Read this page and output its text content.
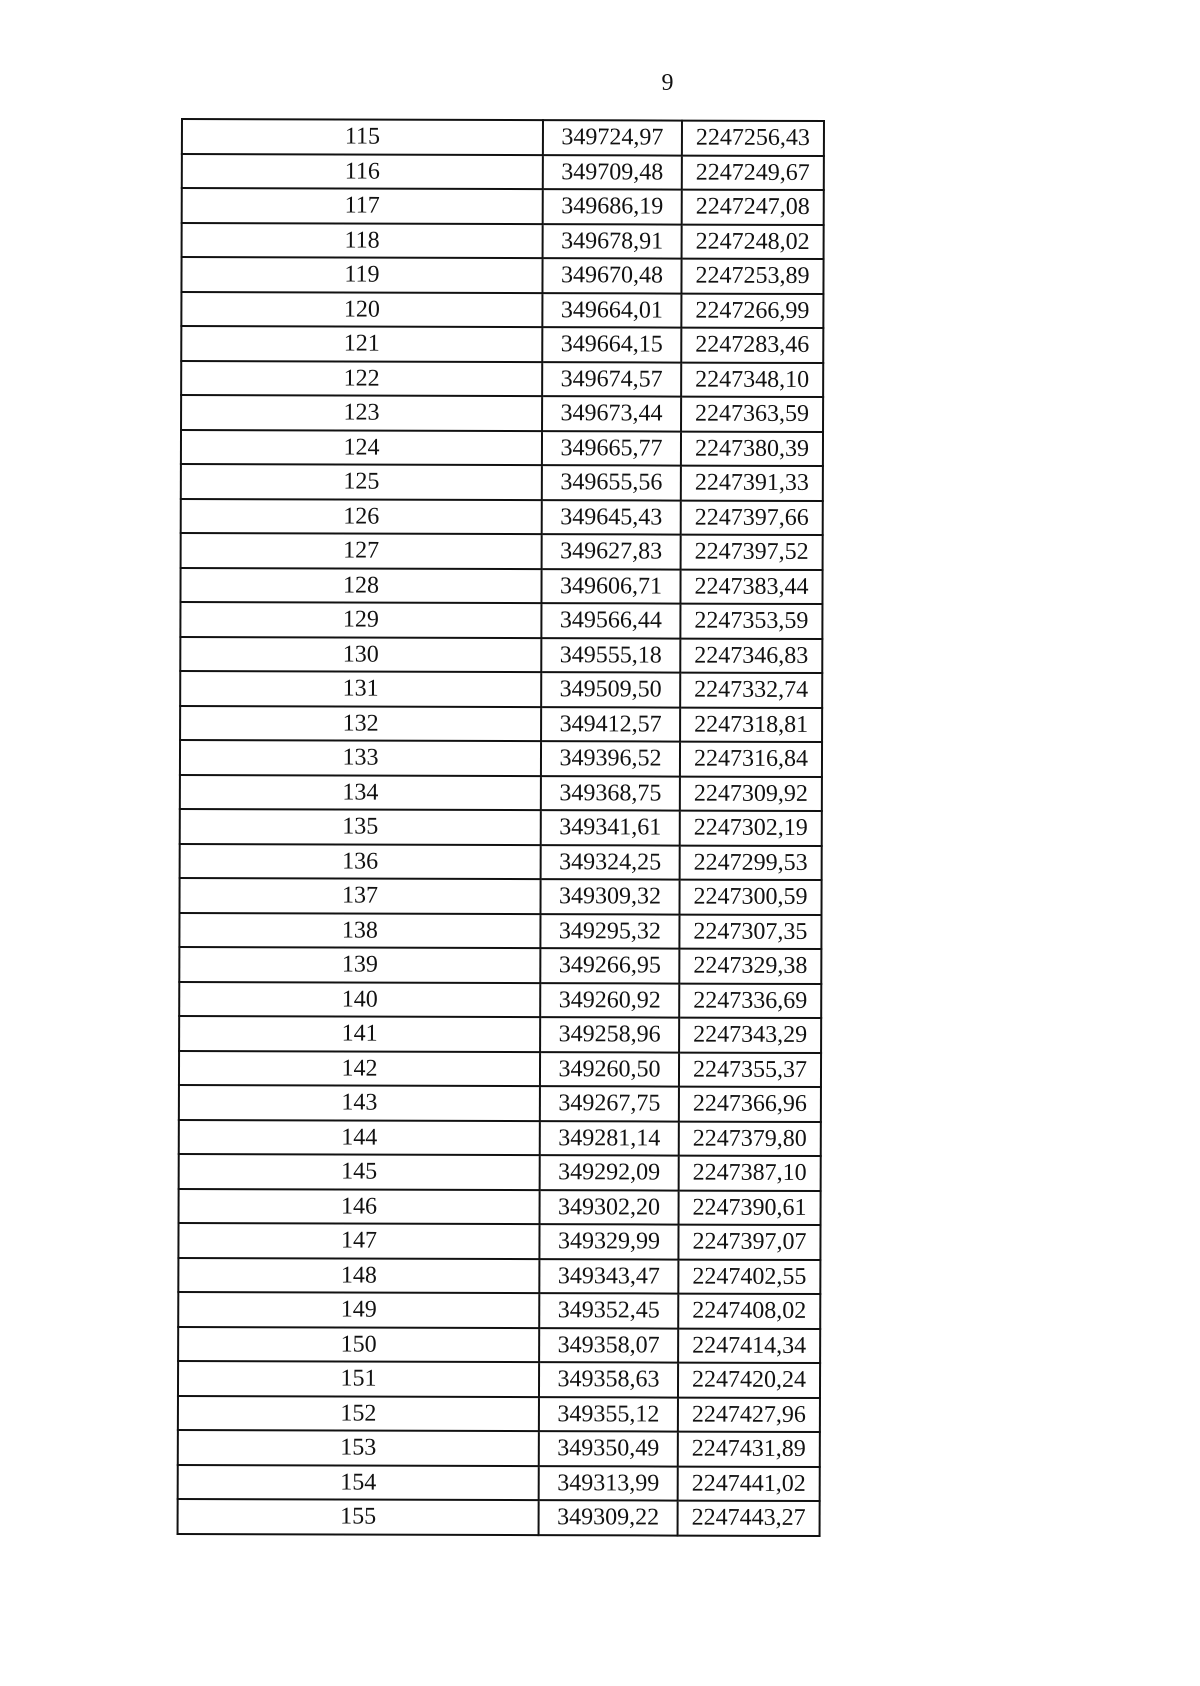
9
115	349724,97	2247256,43
116	349709,48	2247249,67
117	349686,19	2247247,08
118	349678,91	2247248,02
119	349670,48	2247253,89
120	349664,01	2247266,99
121	349664,15	2247283,46
122	349674,57	2247348,10
123	349673,44	2247363,59
124	349665,77	2247380,39
125	349655,56	2247391,33
126	349645,43	2247397,66
127	349627,83	2247397,52
128	349606,71	2247383,44
129	349566,44	2247353,59
130	349555,18	2247346,83
131	349509,50	2247332,74
132	349412,57	2247318,81
133	349396,52	2247316,84
134	349368,75	2247309,92
135	349341,61	2247302,19
136	349324,25	2247299,53
137	349309,32	2247300,59
138	349295,32	2247307,35
139	349266,95	2247329,38
140	349260,92	2247336,69
141	349258,96	2247343,29
142	349260,50	2247355,37
143	349267,75	2247366,96
144	349281,14	2247379,80
145	349292,09	2247387,10
146	349302,20	2247390,61
147	349329,99	2247397,07
148	349343,47	2247402,55
149	349352,45	2247408,02
150	349358,07	2247414,34
151	349358,63	2247420,24
152	349355,12	2247427,96
153	349350,49	2247431,89
154	349313,99	2247441,02
155	349309,22	2247443,27
